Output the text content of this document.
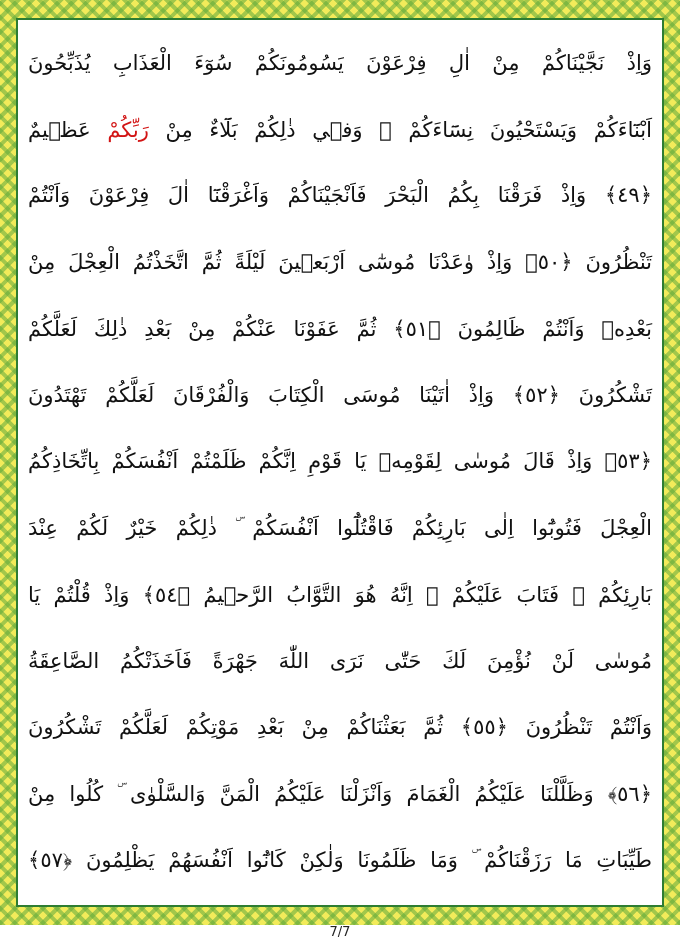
وَاِذْ نَجَّيْنَاكُمْ مِنْ اٰلِ فِرْعَوْنَ يَسُومُونَكُمْ سُوٓءَ الْعَذَابِ يُذَبِّحُونَ
اَبْنَٓاءَكُمْ وَيَسْتَحْيُونَ نِسَٓاءَكُمْ ۜ وَفٖي ذٰلِكُمْ بَلَٓاءٌ مِنْ رَبِّكُمْ عَظٖيمٌ
﴿٤٩﴾ وَاِذْ فَرَقْنَا بِكُمُ الْبَحْرَ فَاَنْجَيْنَاكُمْ وَاَغْرَقْنَٓا اٰلَ فِرْعَوْنَ وَاَنْتُمْ
تَنْظُرُونَ ﴿٥٠﴾ وَاِذْ وٰعَدْنَا مُوسٰٓى اَرْبَعٖينَ لَيْلَةً ثُمَّ اتَّخَذْتُمُ الْعِجْلَ مِنْ
بَعْدِهٖ وَاَنْتُمْ ظَالِمُونَ ﴿٥١﴾ ثُمَّ عَفَوْنَا عَنْكُمْ مِنْ بَعْدِ ذٰلِكَ لَعَلَّكُمْ
تَشْكُرُونَ ﴿٥٢﴾ وَاِذْ اٰتَيْنَا مُوسَى الْكِتَابَ وَالْفُرْقَانَ لَعَلَّكُمْ تَهْتَدُونَ
﴿٥٣﴾ وَاِذْ قَالَ مُوسٰى لِقَوْمِهٖ يَا قَوْمِ اِنَّكُمْ ظَلَمْتُمْ اَنْفُسَكُمْ بِاتِّخَاذِكُمُ
الْعِجْلَ فَتُوبُٓوا اِلٰى بَارِئِكُمْ فَاقْتُلُٓوا اَنْفُسَكُمْ ۜ ذٰلِكُمْ خَيْرٌ لَكُمْ عِنْدَ
بَارِئِكُمْ ۜ فَتَابَ عَلَيْكُمْ ۜ اِنَّهُ هُوَ التَّوَّابُ الرَّحٖيمُ ﴿٥٤﴾ وَاِذْ قُلْتُمْ يَا
مُوسٰى لَنْ نُؤْمِنَ لَكَ حَتّٰى نَرَى اللّٰهَ جَهْرَةً فَاَخَذَتْكُمُ الصَّاعِقَةُ
وَاَنْتُمْ تَنْظُرُونَ ﴿٥٥﴾ ثُمَّ بَعَثْنَاكُمْ مِنْ بَعْدِ مَوْتِكُمْ لَعَلَّكُمْ تَشْكُرُونَ
﴿٥٦﴾ وَظَلَّلْنَا عَلَيْكُمُ الْغَمَامَ وَاَنْزَلْنَا عَلَيْكُمُ الْمَنَّ وَالسَّلْوٰى ۜ كُلُوا مِنْ
طَيِّبَاتِ مَا رَزَقْنَاكُمْ ۜ وَمَا ظَلَمُونَا وَلٰكِنْ كَانُٓوا اَنْفُسَهُمْ يَظْلِمُونَ ﴿٥٧﴾
7/7
